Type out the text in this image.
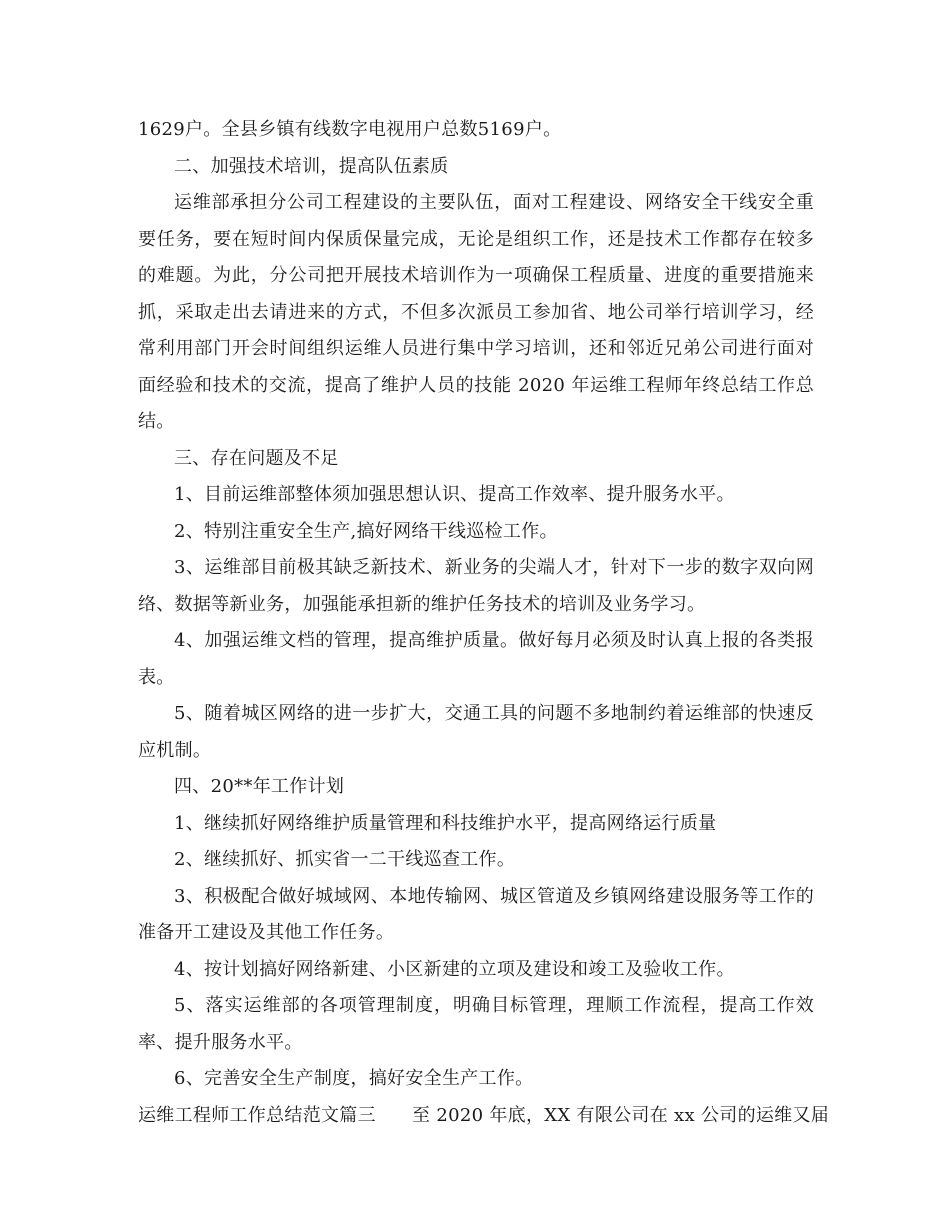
1629户。全县乡镇有线数字电视用户总数5169户。

二、加强技术培训，提高队伍素质

运维部承担分公司工程建设的主要队伍，面对工程建设、网络安全干线安全重要任务，要在短时间内保质保量完成，无论是组织工作，还是技术工作都存在较多的难题。为此，分公司把开展技术培训作为一项确保工程质量、进度的重要措施来抓，采取走出去请进来的方式，不但多次派员工参加省、地公司举行培训学习，经常利用部门开会时间组织运维人员进行集中学习培训，还和邻近兄弟公司进行面对面经验和技术的交流，提高了维护人员的技能 2020 年运维工程师年终总结工作总结。

三、存在问题及不足

1、目前运维部整体须加强思想认识、提高工作效率、提升服务水平。

2、特别注重安全生产,搞好网络干线巡检工作。

3、运维部目前极其缺乏新技术、新业务的尖端人才，针对下一步的数字双向网络、数据等新业务，加强能承担新的维护任务技术的培训及业务学习。

4、加强运维文档的管理，提高维护质量。做好每月必须及时认真上报的各类报表。

5、随着城区网络的进一步扩大，交通工具的问题不多地制约着运维部的快速反应机制。

四、20**年工作计划

1、继续抓好网络维护质量管理和科技维护水平，提高网络运行质量

2、继续抓好、抓实省一二干线巡查工作。

3、积极配合做好城域网、本地传输网、城区管道及乡镇网络建设服务等工作的准备开工建设及其他工作任务。

4、按计划搞好网络新建、小区新建的立项及建设和竣工及验收工作。

5、落实运维部的各项管理制度，明确目标管理，理顺工作流程，提高工作效率、提升服务水平。

6、完善安全生产制度，搞好安全生产工作。

运维工程师工作总结范文篇三      至 2020 年底，XX 有限公司在 xx 公司的运维又届
